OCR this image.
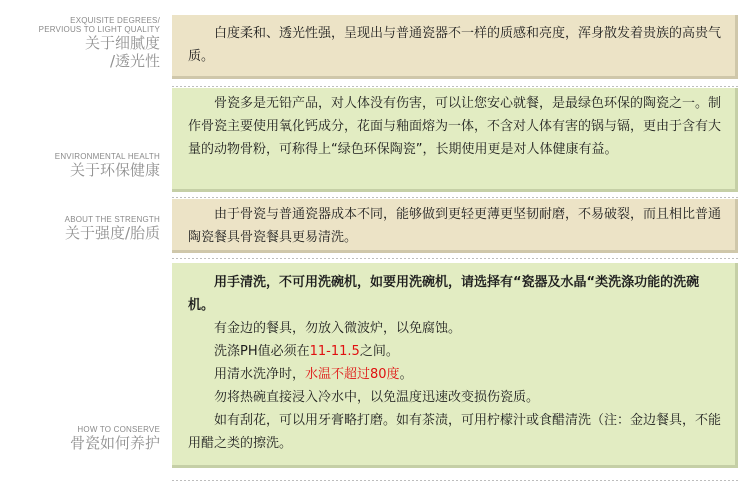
EXQUISITE DEGREES/
PERVIOUS TO LIGHT QUALITY
关于细腻度
/透光性

白度柔和、透光性强，呈现出与普通瓷器不一样的质感和亮度，浑身散发着贵族的高贵气质。

ENVIRONMENTAL HEALTH
关于环保健康

骨瓷多是无铅产品，对人体没有伤害，可以让您安心就餐，是最绿色环保的陶瓷之一。制作骨瓷主要使用氧化钙成分，花面与釉面熔为一体，不含对人体有害的锅与镉，更由于含有大量的动物骨粉，可称得上“绿色环保陶瓷”，长期使用更是对人体健康有益。

ABOUT THE STRENGTH
关于强度/胎质

由于骨瓷与普通瓷器成本不同，能够做到更轻更薄更坚韧耐磨，不易破裂，而且相比普通陶瓷餐具骨瓷餐具更易清洗。

HOW TO CONSERVE
骨瓷如何养护

用手清洗，不可用洗碗机，如要用洗碗机，请选择有“瓷器及水晶“类洗涤功能的洗碗机。

有金边的餐具，勿放入微波炉，以免腐蚀。

洗涤PH值必须在11-11.5之间。

用清水洗净时，水温不超过80度。

勿将热碗直接浸入冷水中，以免温度迅速改变损伤瓷质。

如有刮花，可以用牙膏略打磨。如有茶渍，可用柠檬汁或食醋清洗（注：金边餐具，不能用醋之类的擦洗。
